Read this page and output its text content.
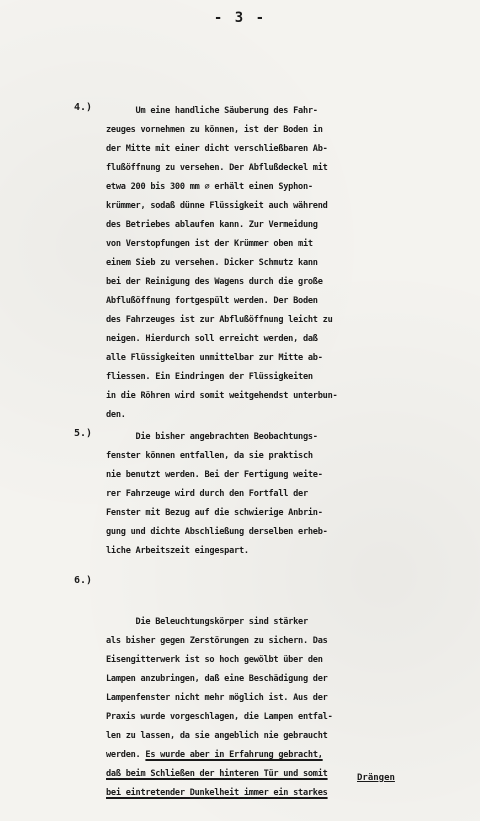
- 3 -
4.) Um eine handliche Säuberung des Fahr-
zeuges vornehmen zu können, ist der Boden in
der Mitte mit einer dicht verschließbaren Ab-
flußöffnung zu versehen. Der Abflußdeckel mit
etwa 200 bis 300 mm ∅ erhält einen Syphon-
krümmer, sodaß dünne Flüssigkeit auch während
des Betriebes ablaufen kann. Zur Vermeidung
von Verstopfungen ist der Krümmer oben mit
einem Sieb zu versehen. Dicker Schmutz kann
bei der Reinigung des Wagens durch die große
Abflußöffnung fortgespült werden. Der Boden
des Fahrzeuges ist zur Abflußöffnung leicht zu
neigen. Hierdurch soll erreicht werden, daß
alle Flüssigkeiten unmittelbar zur Mitte ab-
fliessen. Ein Eindringen der Flüssigkeiten
in die Röhren wird somit weitgehendst unterbun-
den.
5.) Die bisher angebrachten Beobachtungs-
fenster können entfallen, da sie praktisch
nie benutzt werden. Bei der Fertigung weite-
rer Fahrzeuge wird durch den Fortfall der
Fenster mit Bezug auf die schwierige Anbrin-
gung und dichte Abschließung derselben erheb-
liche Arbeitszeit eingespart.
6.)

Die Beleuchtungskörper sind stärker
als bisher gegen Zerstörungen zu sichern. Das
Eisengitterwerk ist so hoch gewölbt über den
Lampen anzubringen, daß eine Beschädigung der
Lampenfenster nicht mehr möglich ist. Aus der
Praxis wurde vorgeschlagen, die Lampen entfal-
len zu lassen, da sie angeblich nie gebraucht
werden. Es wurde aber in Erfahrung gebracht,
daß beim Schließen der hinteren Tür und somit
bei eintretender Dunkelheit immer ein starkes
Drängen
